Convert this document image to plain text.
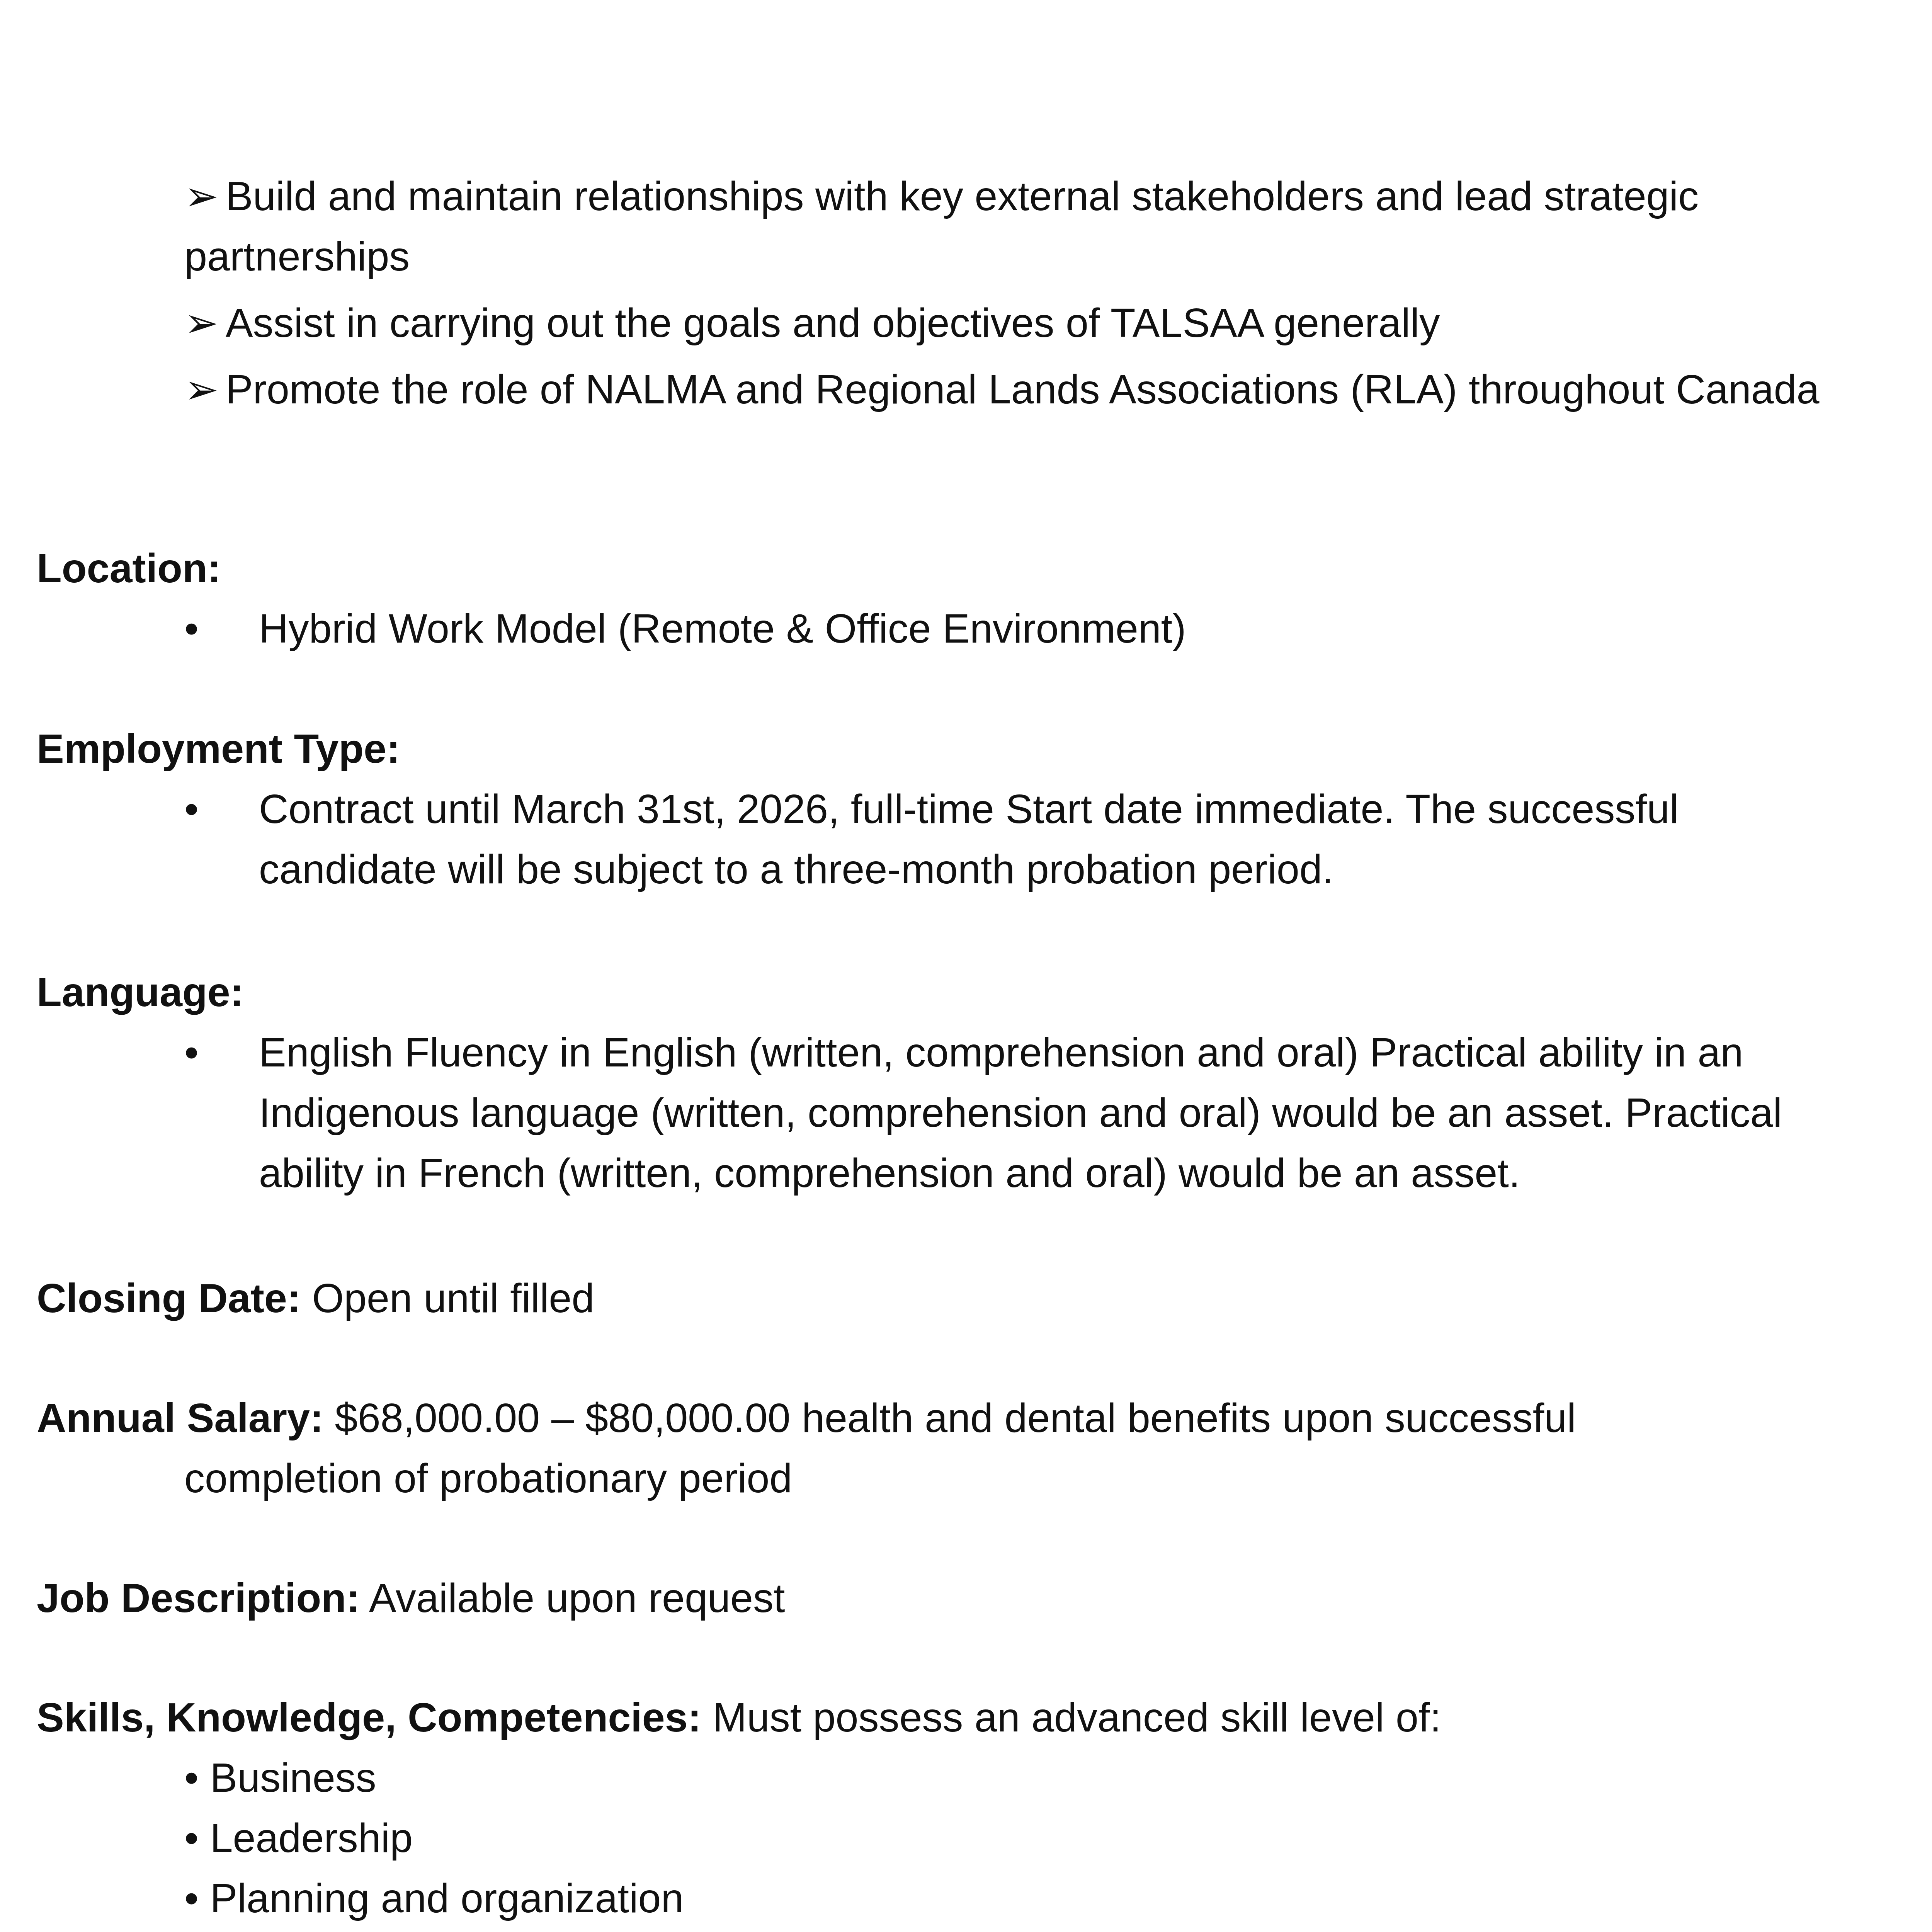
➢ Build and maintain relationships with key external stakeholders and lead strategic partnerships
➢ Assist in carrying out the goals and objectives of TALSAA generally
➢ Promote the role of NALMA and Regional Lands Associations (RLA) throughout Canada
Location:
• Hybrid Work Model (Remote & Office Environment)
Employment Type:
• Contract until March 31st, 2026, full-time Start date immediate. The successful candidate will be subject to a three-month probation period.
Language:
• English Fluency in English (written, comprehension and oral) Practical ability in an Indigenous language (written, comprehension and oral) would be an asset. Practical ability in French (written, comprehension and oral) would be an asset.
Closing Date: Open until filled
Annual Salary: $68,000.00 – $80,000.00 health and dental benefits upon successful
completion of probationary period
Job Description: Available upon request
Skills, Knowledge, Competencies: Must possess an advanced skill level of:
• Business
• Leadership
• Planning and organization
